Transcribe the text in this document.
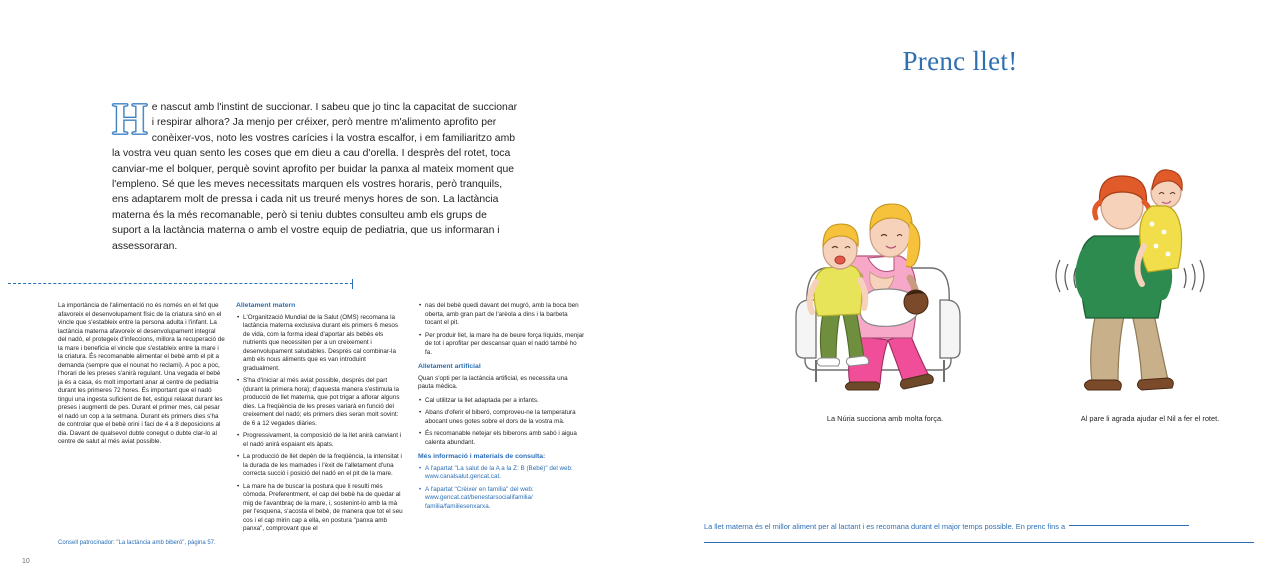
H e nascut amb l'instint de succionar. I sabeu que jo tinc la capacitat de succionar i respirar alhora? Ja menjo per créixer, però mentre m'alimento aprofito per conèixer-vos, noto les vostres carícies i la vostra escalfor, i em familiaritzo amb la vostra veu quan sento les coses que em dieu a cau d'orella. I desprès del rotet, toca canviar-me el bolquer, perquè sovint aprofito per buidar la panxa al mateix moment que l'empleno. Sé que les meves necessitats marquen els vostres horaris, però tranquils, ens adaptarem molt de pressa i cada nit us treuré menys hores de son. La lactància materna és la més recomanable, però si teniu dubtes consulteu amb els grups de suport a la lactància materna o amb el vostre equip de pediatria, que us informaran i assessoraran.

La importància de l'alimentació no és només en el fet que afavoreix el desenvolupament físic de la criatura sinó en el vincle que s'estableix entre la persona adulta i l'infant. La lactància materna afavoreix el desenvolupament integral del nadó, el protegeix d'infeccions, millora la recuperació de la mare i beneficia el vincle que s'estableix entre la mare i la criatura. És recomanable alimentar el bebè amb el pit a demanda (sempre que el nounat ho reclami). A poc a poc, l'horari de les preses s'anirà regulant. Una vegada el bebè ja és a casa, és molt important anar al centre de pediatria durant les primeres 72 hores. És important que el nadó tingui una ingesta suficient de llet, estigui relaxat durant les preses i augmenti de pes. Durant el primer mes, cal pesar el nadó un cop a la setmana. Durant els primers dies s'ha de controlar que el bebè orini i faci de 4 a 8 deposicions al dia. Davant de qualsevol dubte conegut o dubte clar-lo al centre de salut al més aviat possible.

Alletament matern
• L'Organització Mundial de la Salut (OMS) recomana la lactància materna exclusiva durant els primers 6 mesos de vida, com la forma ideal d'aportar als bebès els nutrients que necessiten per a un creixement i desenvolupament saludables. Després cal combinar-la amb els nous aliments que es van introduint gradualment.
• S'ha d'iniciar al més aviat possible, després del part (durant la primera hora); d'aquesta manera s'estimula la producció de llet materna, que pot trigar a aflorar alguns dies. La freqüència de les preses variarà en funció del creixement del nadó; els primers dies seran molt sovint: de 6 a 12 vegades diàries.
• Progressivament, la composició de la llet anirà canviant i el nadó anirà espaiant els àpats.
• La producció de llet depèn de la freqüència, la intensitat i la durada de les mamades i l'èxit de l'alletament d'una correcta succió i posició del nadó en el pit de la mare.
• La mare ha de buscar la postura que li resulti més còmoda. Preferentment, el cap del bebè ha de quedar al mig de l'avantbraç de la mare, i, sostenint-lo amb la mà per l'esquena, s'acosta el bebè, de manera que tot el seu cos i el cap mirin cap a ella, en postura "panxa amb panxa", comprovant que el
• nas del bebè quedi davant del mugró, amb la boca ben oberta, amb gran part de l'arèola a dins i la barbeta tocant el pit.
• Per produir llet, la mare ha de beure força líquids, menjar de tot i aprofitar per descansar quan el nadó també ho fa.
Alletament artificial

Quan s'opti per la lactància artificial, es necessita una pauta mèdica.

• Cal utilitzar la llet adaptada per a infants.
• Abans d'oferir el biberó, comproveu-ne la temperatura abocant unes gotes sobre el dors de la vostra mà.
• És recomanable netejar els biberons amb sabó i aigua calenta abundant.
Més informació i materials de consulta:
• A l'apartat "La salut de la A a la Z: B (Bebè)" del web: www.canalsalut.gencat.cat.
• A l'apartat "Crèixer en família" del web: www.gencat.cat/benestarsocialifamilia/ familia/familiesenxarxa.
Consell patrocinador: "La lactància amb biberó", pàgina 57.
10
Prenc llet!
La Núria succiona amb molta força.	Al pare li agrada ajudar el Nil a fer el rotet.
La llet materna és el millor aliment per al lactant i es recomana durant el major temps possible. En prenc fins a
